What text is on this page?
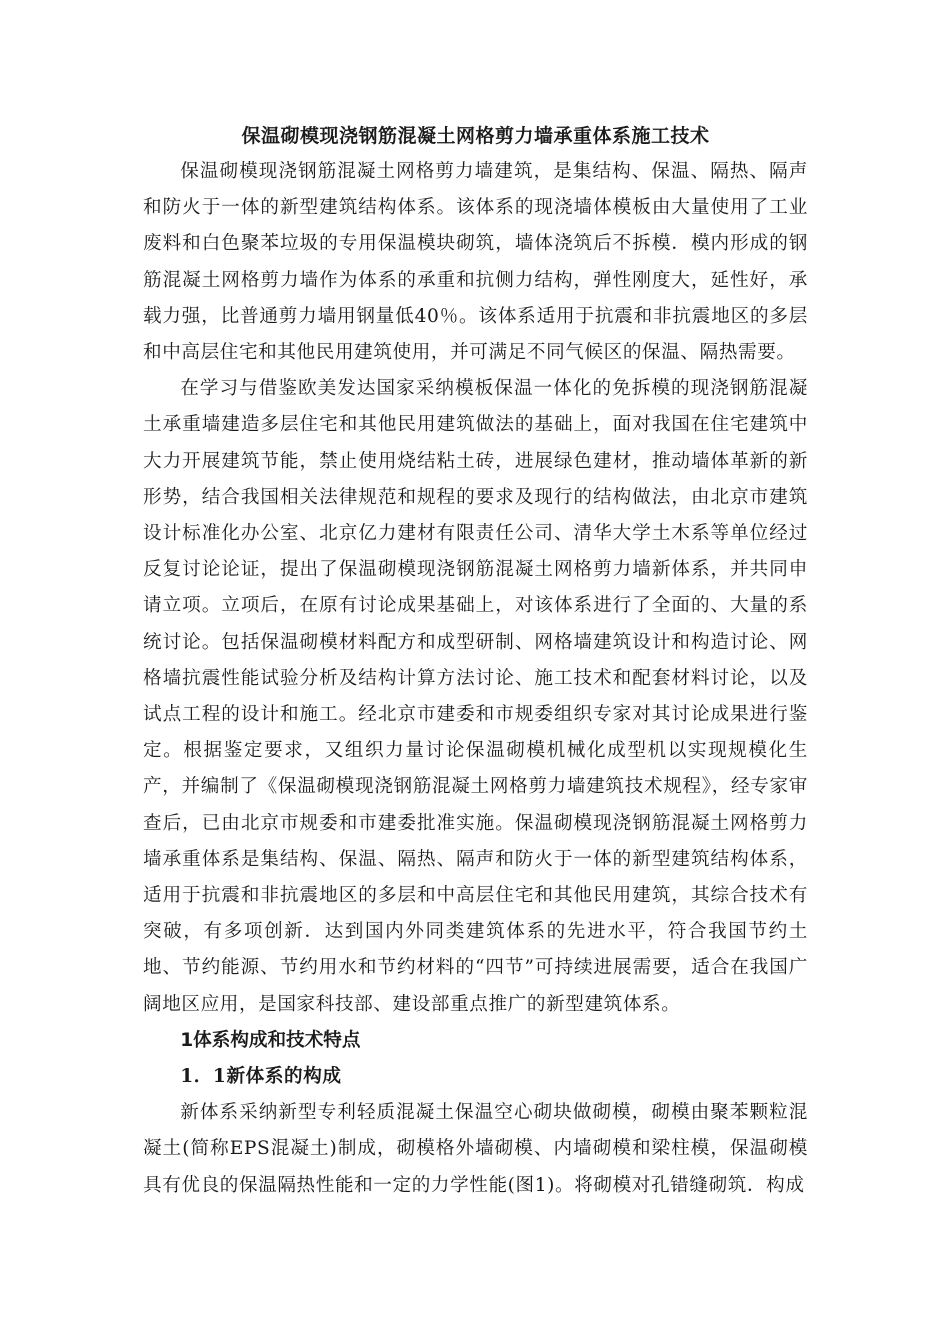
保温砌模现浇钢筋混凝土网格剪力墙承重体系施工技术

保温砌模现浇钢筋混凝土网格剪力墙建筑，是集结构、保温、隔热、隔声和防火于一体的新型建筑结构体系。该体系的现浇墙体模板由大量使用了工业废料和白色聚苯垃圾的专用保温模块砌筑，墙体浇筑后不拆模．模内形成的钢筋混凝土网格剪力墙作为体系的承重和抗侧力结构，弹性刚度大，延性好，承载力强，比普通剪力墙用钢量低40％。该体系适用于抗震和非抗震地区的多层和中高层住宅和其他民用建筑使用，并可满足不同气候区的保温、隔热需要。

在学习与借鉴欧美发达国家采纳模板保温一体化的免拆模的现浇钢筋混凝土承重墙建造多层住宅和其他民用建筑做法的基础上，面对我国在住宅建筑中大力开展建筑节能，禁止使用烧结粘土砖，进展绿色建材，推动墙体革新的新形势，结合我国相关法律规范和规程的要求及现行的结构做法，由北京市建筑设计标准化办公室、北京亿力建材有限责任公司、清华大学土木系等单位经过反复讨论论证，提出了保温砌模现浇钢筋混凝土网格剪力墙新体系，并共同申请立项。立项后，在原有讨论成果基础上，对该体系进行了全面的、大量的系统讨论。包括保温砌模材料配方和成型研制、网格墙建筑设计和构造讨论、网格墙抗震性能试验分析及结构计算方法讨论、施工技术和配套材料讨论，以及试点工程的设计和施工。经北京市建委和市规委组织专家对其讨论成果进行鉴定。根据鉴定要求，又组织力量讨论保温砌模机械化成型机以实现规模化生产，并编制了《保温砌模现浇钢筋混凝土网格剪力墙建筑技术规程》，经专家审查后，已由北京市规委和市建委批准实施。保温砌模现浇钢筋混凝土网格剪力墙承重体系是集结构、保温、隔热、隔声和防火于一体的新型建筑结构体系，适用于抗震和非抗震地区的多层和中高层住宅和其他民用建筑，其综合技术有突破，有多项创新．达到国内外同类建筑体系的先进水平，符合我国节约土地、节约能源、节约用水和节约材料的“四节”可持续进展需要，适合在我国广阔地区应用，是国家科技部、建设部重点推广的新型建筑体系。

1体系构成和技术特点
1．1新体系的构成

新体系采纳新型专利轻质混凝土保温空心砌块做砌模，砌模由聚苯颗粒混凝土(简称EPS混凝土)制成，砌模格外墙砌模、内墙砌模和梁柱模，保温砌模具有优良的保温隔热性能和一定的力学性能(图1)。将砌模对孔错缝砌筑．构成
